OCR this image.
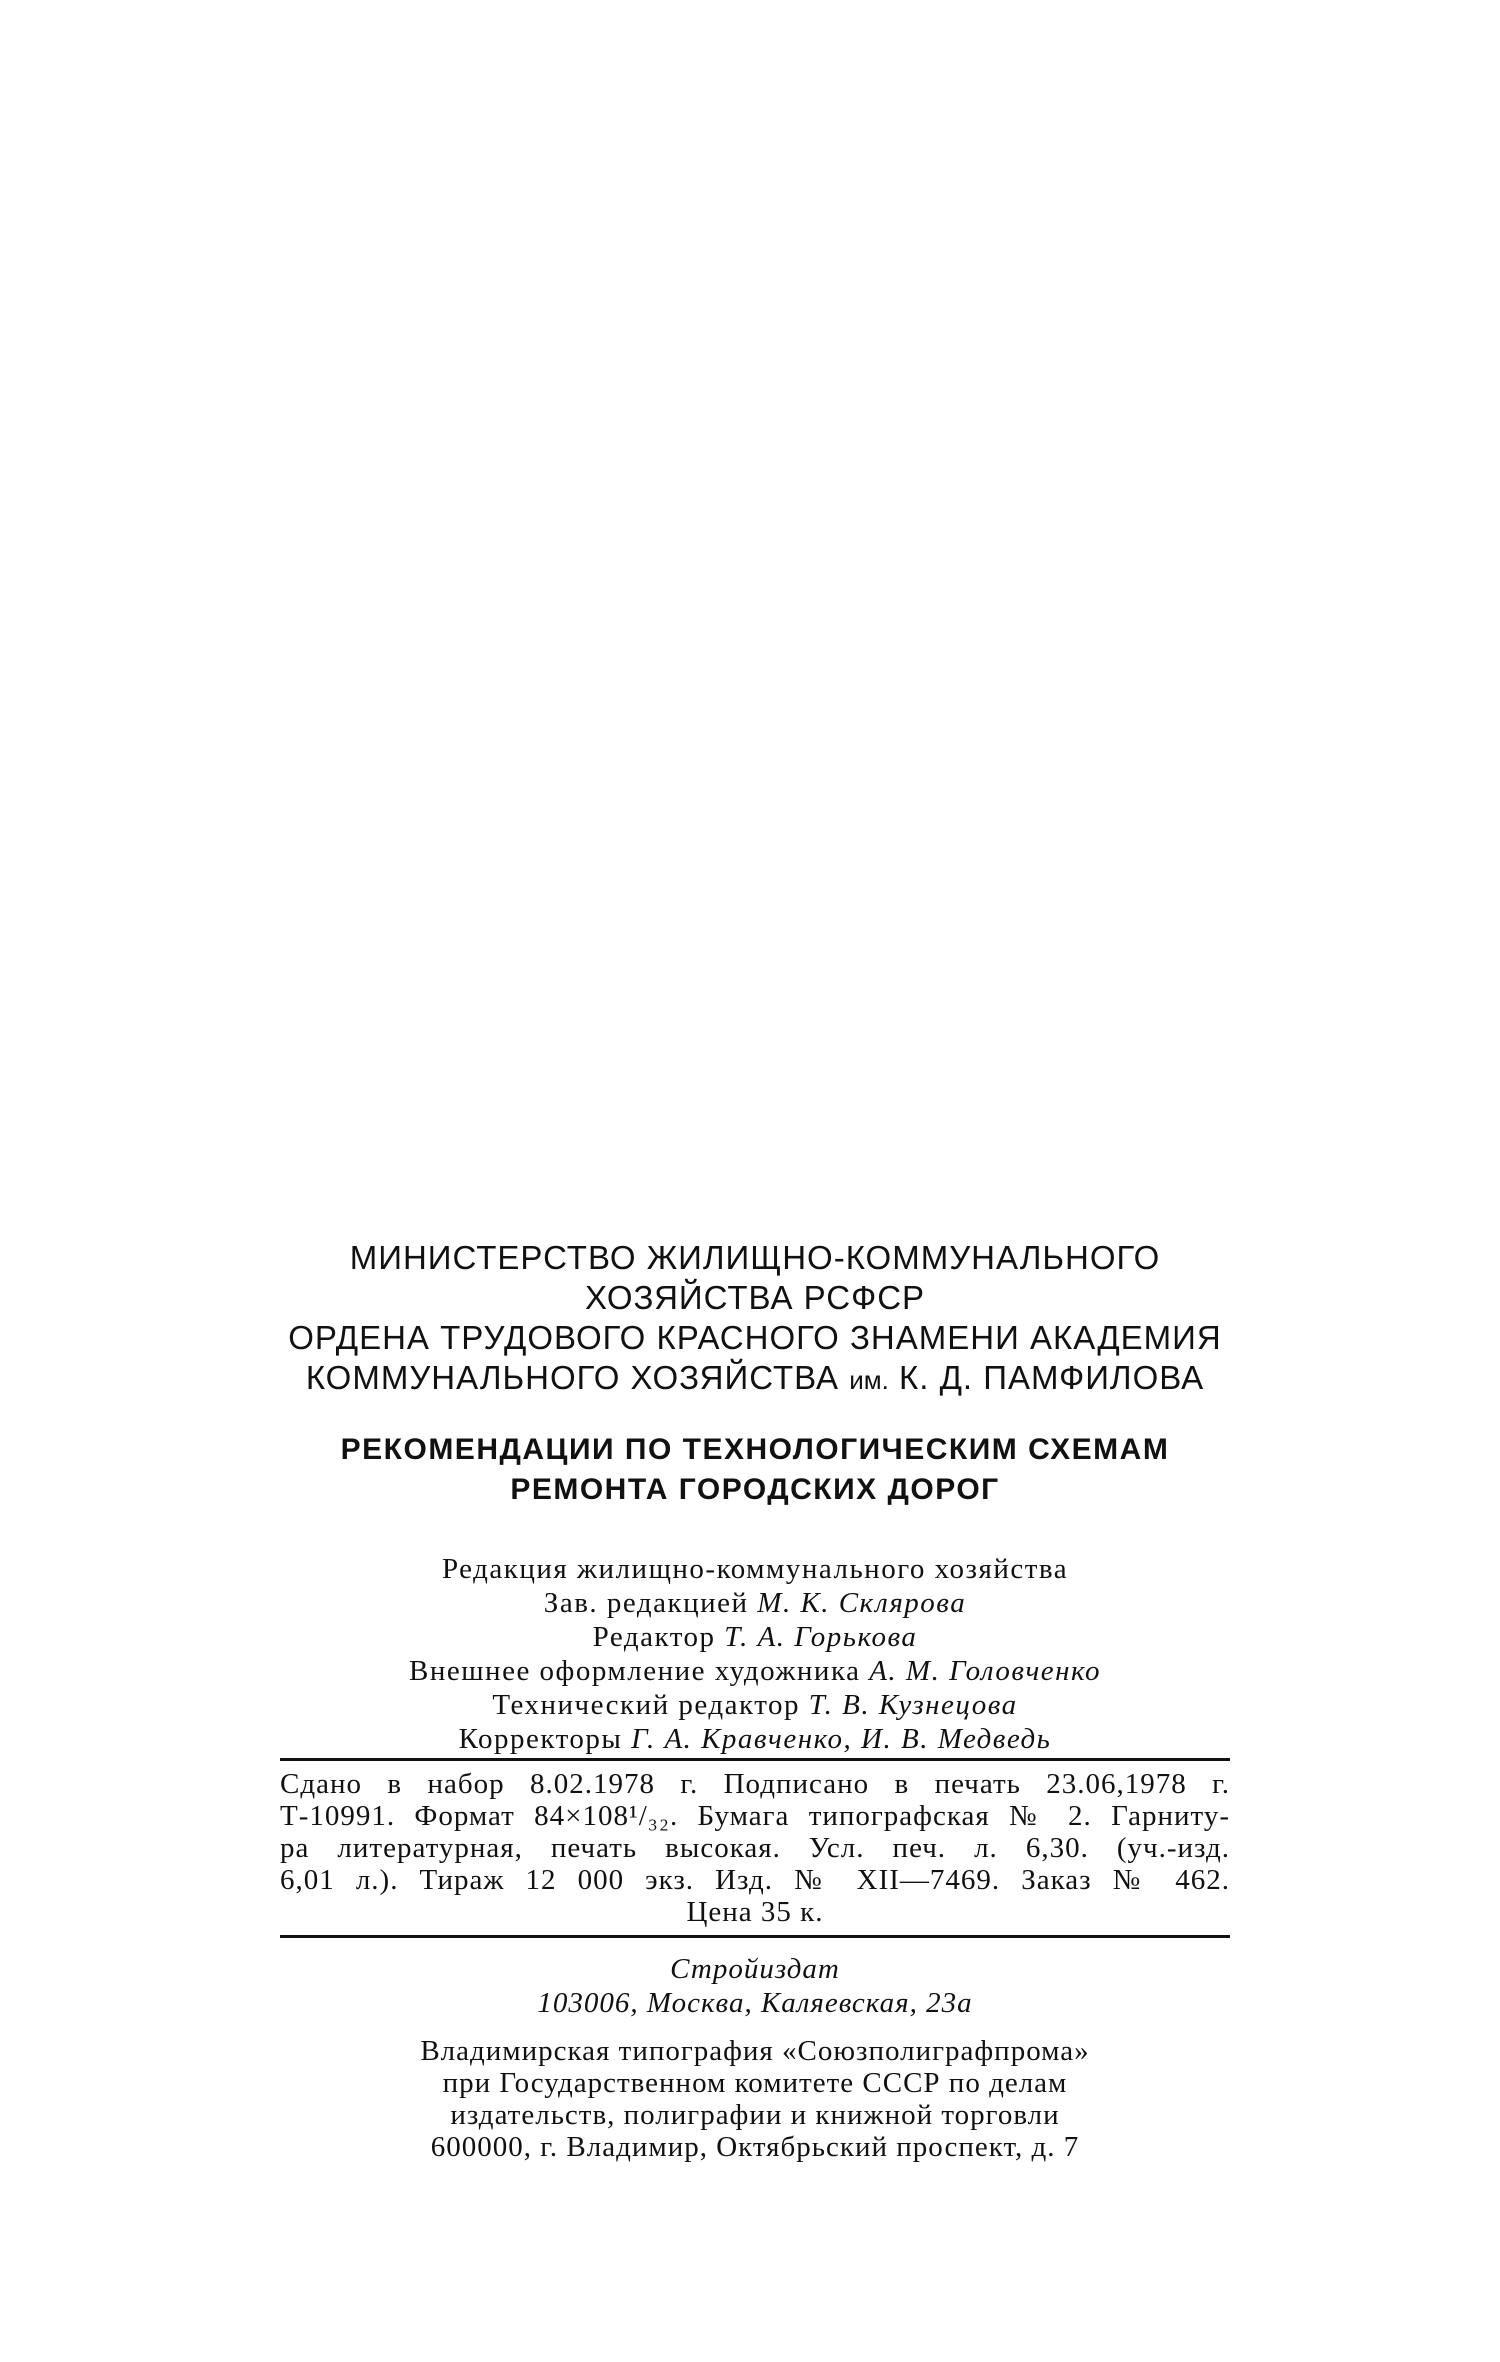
МИНИСТЕРСТВО ЖИЛИЩНО-КОММУНАЛЬНОГО
ХОЗЯЙСТВА РСФСР
ОРДЕНА ТРУДОВОГО КРАСНОГО ЗНАМЕНИ АКАДЕМИЯ
КОММУНАЛЬНОГО ХОЗЯЙСТВА им. К. Д. ПАМФИЛОВА
РЕКОМЕНДАЦИИ ПО ТЕХНОЛОГИЧЕСКИМ СХЕМАМ
РЕМОНТА ГОРОДСКИХ ДОРОГ
Редакция жилищно-коммунального хозяйства
Зав. редакцией М. К. Склярова
Редактор Т. А. Горькова
Внешнее оформление художника А. М. Головченко
Технический редактор Т. В. Кузнецова
Корректоры Г. А. Кравченко, И. В. Медведь
Сдано в набор 8.02.1978 г. Подписано в печать 23.06,1978 г.
Т-10991. Формат 84×108¹/₃₂. Бумага типографская № 2. Гарниту-
ра литературная, печать высокая. Усл. печ. л. 6,30. (уч.-изд.
6,01 л.). Тираж 12 000 экз. Изд. № XII—7469. Заказ № 462.
Цена 35 к.
Стройиздат
103006, Москва, Каляевская, 23а
Владимирская типография «Союзполиграфпрома»
при Государственном комитете СССР по делам
издательств, полиграфии и книжной торговли
600000, г. Владимир, Октябрьский проспект, д. 7
